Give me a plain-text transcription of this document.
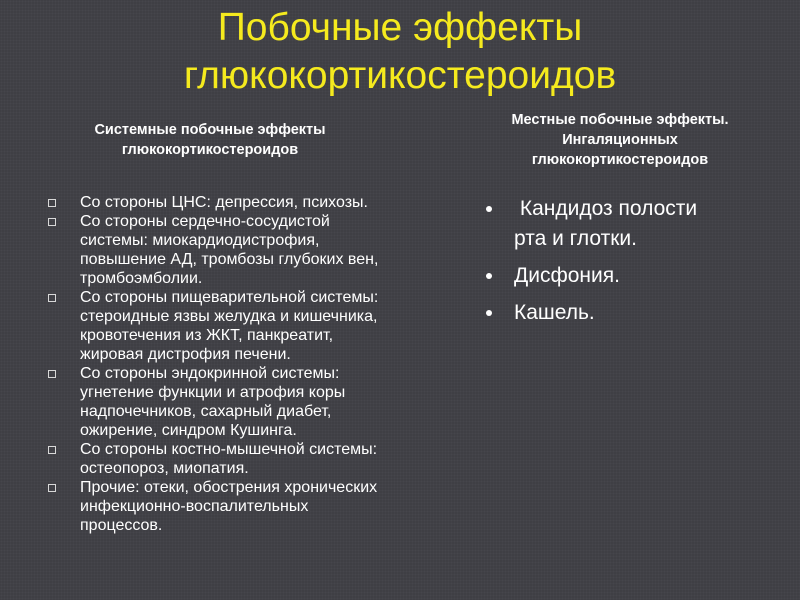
Побочные эффекты
глюкокортикостероидов
Системные побочные эффекты
глюкокортикостероидов
Местные побочные эффекты.
Ингаляционных
глюкокортикостероидов
Со стороны ЦНС: депрессия, психозы.
Со стороны сердечно-сосудистой
системы: миокардиодистрофия,
повышение АД, тромбозы глубоких вен,
тромбоэмболии.
Со стороны пищеварительной системы:
стероидные язвы желудка и кишечника,
кровотечения из ЖКТ, панкреатит,
жировая дистрофия печени.
Со стороны эндокринной системы:
угнетение функции и атрофия коры
надпочечников, сахарный диабет,
ожирение, синдром Кушинга.
Со стороны костно-мышечной системы:
остеопороз, миопатия.
Прочие: отеки, обострения хронических
инфекционно-воспалительных
процессов.
Кандидоз полости
рта и глотки.
Дисфония.
Кашель.
